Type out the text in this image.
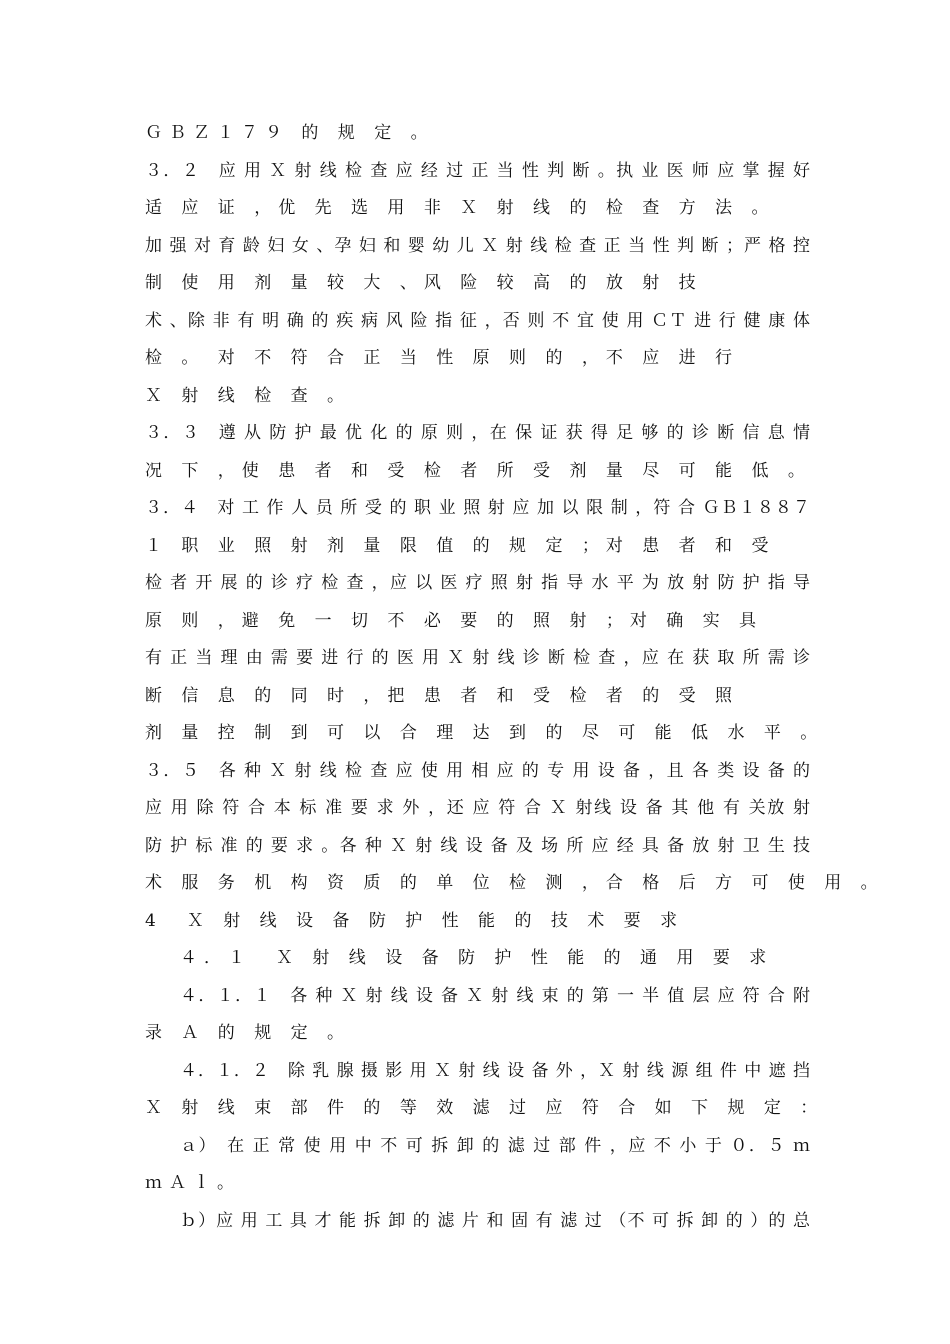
ＧＢＺ１７９ 的 规 定 。
３．２　应 用 Ｘ 射 线 检 查 应 经 过 正 当 性 判 断 。执 业 医 师 应 掌 握 好
适 应 证 ，优 先 选 用 非 Ｘ 射 线 的 检 查 方 法 。
加 强 对 育 龄 妇 女 、孕 妇 和 婴 幼 儿 Ｘ 射 线 检 查 正 当 性 判 断 ；严 格 控
制 使 用 剂 量 较 大 、风 险 较 高 的 放 射 技
术 、除 非 有 明 确 的 疾 病 风 险 指 征 ，否 则 不 宜 使 用 ＣＴ 进 行 健 康 体
检 。 对 不 符 合 正 当 性 原 则 的 ，不 应 进 行
Ｘ 射 线 检 查 。
３．３　遵 从 防 护 最 优 化 的 原 则 ，在 保 证 获 得 足 够 的 诊 断 信 息 情
况 下 ，使 患 者 和 受 检 者 所 受 剂 量 尽 可 能 低 。
３．４　对 工 作 人 员 所 受 的 职 业 照 射 应 加 以 限 制 ，符 合 ＧＢ１８８７
１ 职 业 照 射 剂 量 限 值 的 规 定 ；对 患 者 和 受
检 者 开 展 的 诊 疗 检 查 ，应 以 医 疗 照 射 指 导 水 平 为 放 射 防 护 指 导
原 则 ，避 免 一 切 不 必 要 的 照 射 ；对 确 实 具
有 正 当 理 由 需 要 进 行 的 医 用 Ｘ 射 线 诊 断 检 查 ，应 在 获 取 所 需 诊
断 信 息 的 同 时 ，把 患 者 和 受 检 者 的 受 照
剂 量 控 制 到 可 以 合 理 达 到 的 尽 可 能 低 水 平 。
３．５　各 种 Ｘ 射 线 检 查 应 使 用 相 应 的 专 用 设 备 ，且 各 类 设 备 的
应 用 除 符 合 本 标 准 要 求 外 ，还 应 符 合 Ｘ 射线 设 备 其 他 有 关放 射
防 护 标 准 的 要 求 。各 种 Ｘ 射 线 设 备 及 场 所 应 经 具 备 放 射 卫 生 技
术 服 务 机 构 资 质 的 单 位 检 测 ，合 格 后 方 可 使 用 。
4　Ｘ 射 线 设 备 防 护 性 能 的 技 术 要 求
４．１　Ｘ 射 线 设 备 防 护 性 能 的 通 用 要 求
４．１．１　各 种 Ｘ 射 线 设 备 Ｘ 射 线 束 的 第 一 半 值 层 应 符 合 附
录 Ａ 的 规 定 。
４．１．２　除 乳 腺 摄 影 用 Ｘ 射 线 设 备 外 ，Ｘ 射 线 源 组 件 中 遮 挡
Ｘ 射 线 束 部 件 的 等 效 滤 过 应 符 合 如 下 规 定 ：
ａ）　在 正 常 使 用 中 不 可 拆 卸 的 滤 过 部 件 ，应 不 小 于 ０．５ ｍ
ｍＡｌ。
ｂ）应 用 工 具 才 能 拆 卸 的 滤 片 和 固 有 滤 过 （不 可 拆 卸 的 ）的 总
